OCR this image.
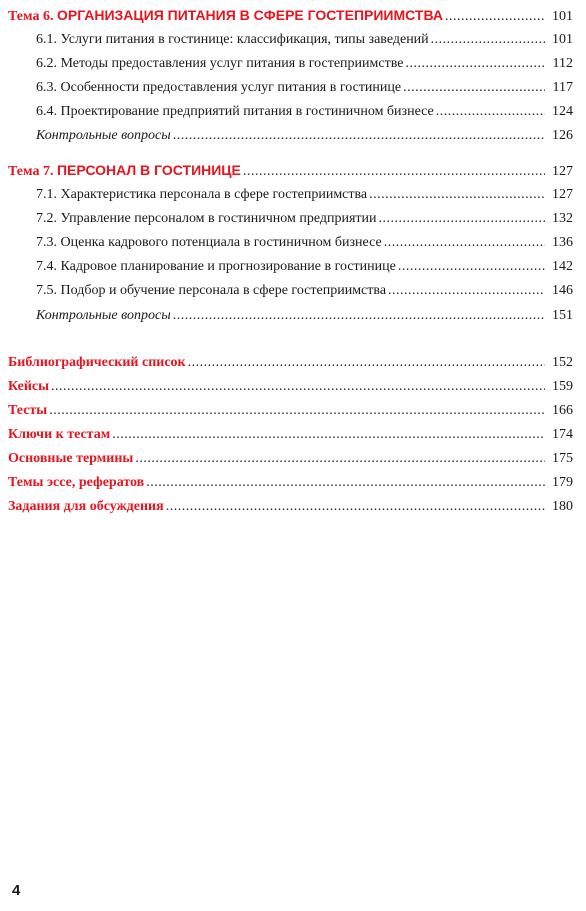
Тема 6. ОРГАНИЗАЦИЯ ПИТАНИЯ В СФЕРЕ ГОСТЕПРИИМСТВА .....	101
6.1. Услуги питания в гостинице: классификация, типы заведений .....	101
6.2. Методы предоставления услуг питания в гостеприимстве .....	112
6.3. Особенности предоставления услуг питания в гостинице .....	117
6.4. Проектирование предприятий питания в гостиничном бизнесе .....	124
Контрольные вопросы .....	126
Тема 7. ПЕРСОНАЛ В ГОСТИНИЦЕ .....	127
7.1. Характеристика персонала в сфере гостеприимства .....	127
7.2. Управление персоналом в гостиничном предприятии .....	132
7.3. Оценка кадрового потенциала в гостиничном бизнесе .....	136
7.4. Кадровое планирование и прогнозирование в гостинице .....	142
7.5. Подбор и обучение персонала в сфере гостеприимства .....	146
Контрольные вопросы .....	151
Библиографический список .....	152
Кейсы .....	159
Тесты .....	166
Ключи к тестам .....	174
Основные термины .....	175
Темы эссе, рефератов .....	179
Задания для обсуждения .....	180
4
